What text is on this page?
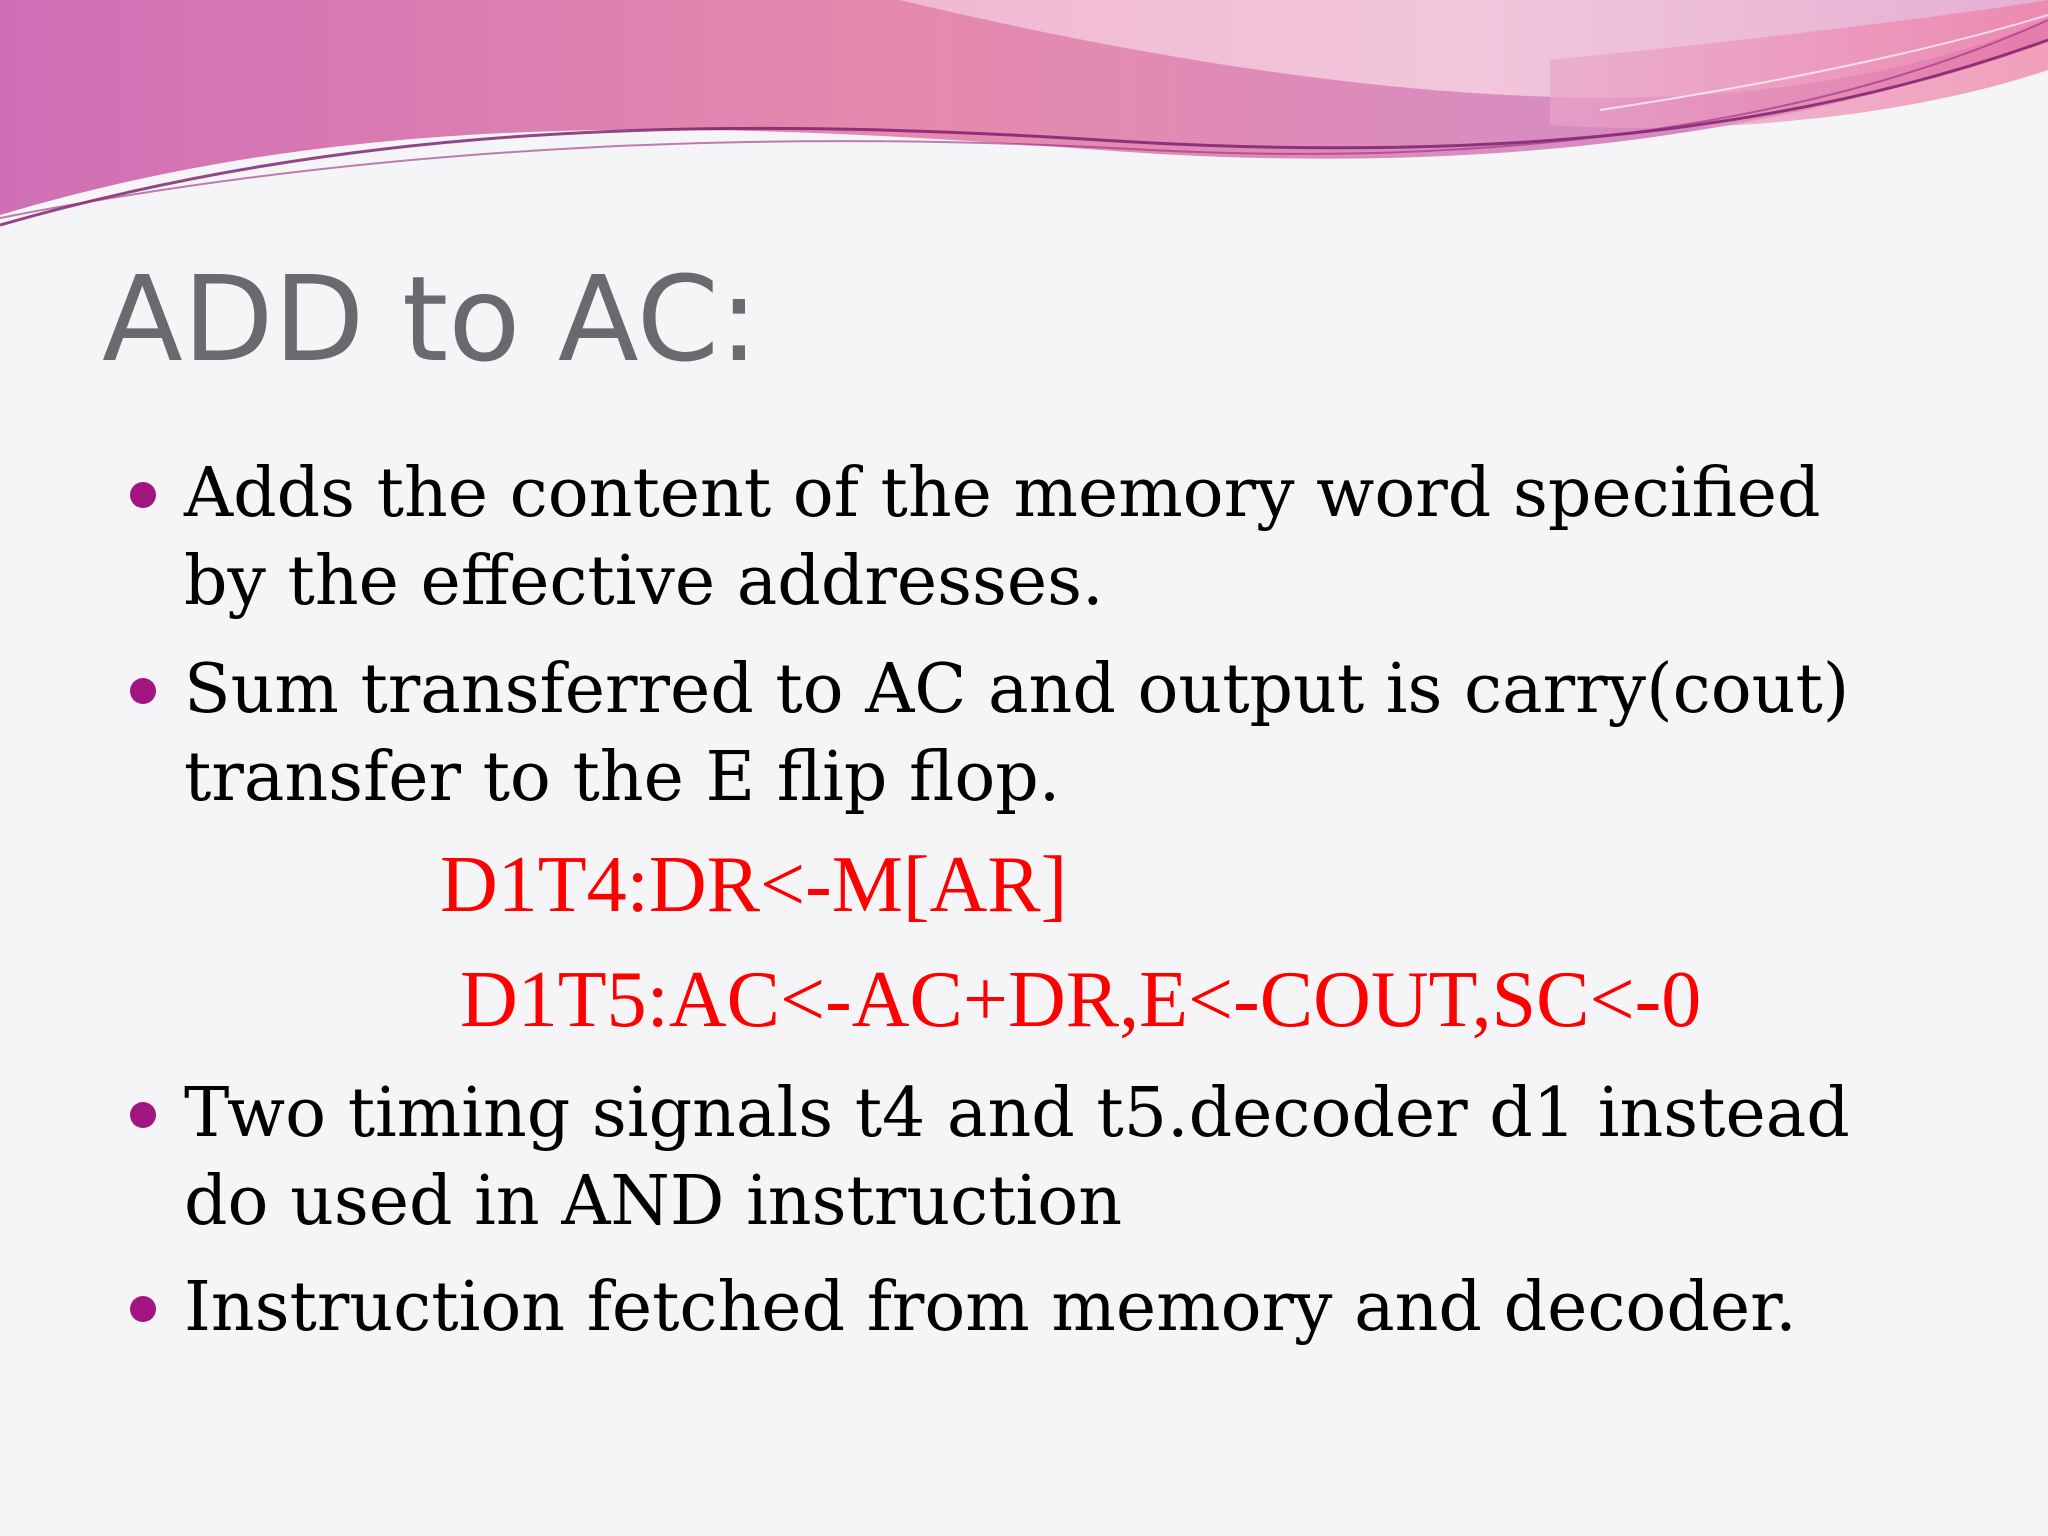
ADD to AC:
Adds the content of the memory word specified by the effective addresses.
Sum transferred to AC and output is carry(cout) transfer to the E flip flop.
D1T4:DR<-M[AR]
D1T5:AC<-AC+DR,E<-COUT,SC<-0
Two timing signals t4 and t5.decoder d1 instead do used in AND instruction
Instruction fetched from memory and decoder.
